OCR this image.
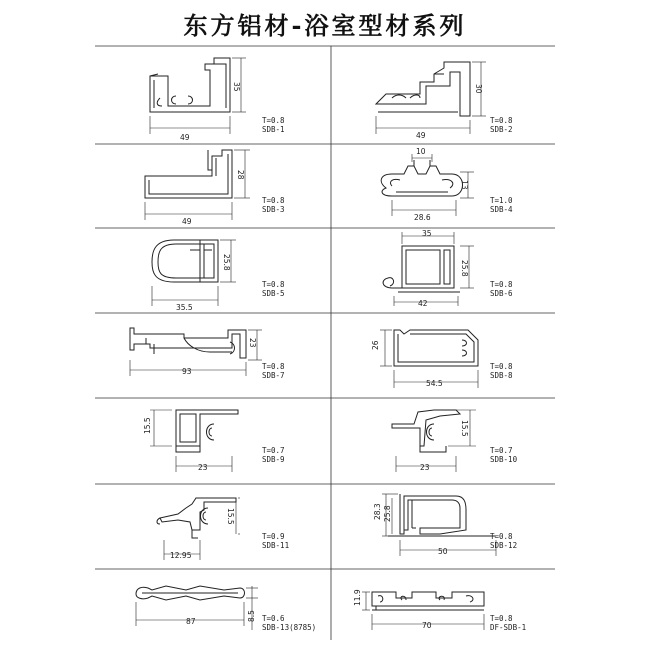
东方铝材-浴室型材系列
49
35
49
30
49
28
10
28.6
13
35.5
25.8
35
42
25.8
93
23	26
54.5
15.5
23
15.5
23
15.5
12.95
28.3 25.8
50
87	8.5
11.9
70
T=0.8
SDB-1
T=0.8
SDB-2
T=0.8
SDB-3
T=1.0
SDB-4
T=0.8
SDB-5
T=0.8
SDB-6
T=0.8
SDB-7
T=0.8
SDB-8
T=0.7
SDB-9
T=0.7
SDB-10
T=0.9
SDB-11
T=0.8
SDB-12
T=0.6
SDB-13(8785)
T=0.8
DF-SDB-1
